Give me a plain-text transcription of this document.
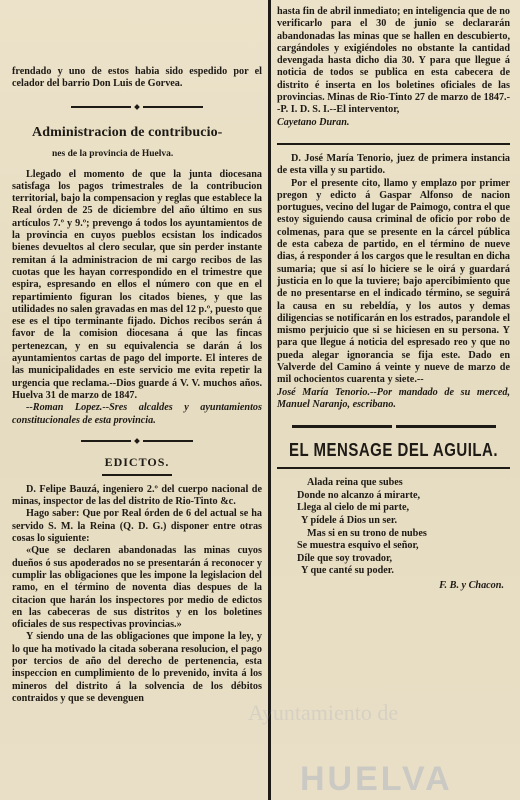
frendado y uno de estos habia sido espedido por el celador del barrio Don Luis de Gorvea.

Administracion de contribucio-
nes de la provincia de Huelva.

Llegado el momento de que la junta diocesana satisfaga los pagos trimestrales de la contribucion territorial, bajo la compensacion y reglas que establece la Real órden de 25 de diciembre del año último en sus artículos 7.º y 9.º; prevengo á todos los ayuntamientos de la provincia en cuyos pueblos ecsistan los indicados bienes devueltos al clero secular, que sin perder instante remitan á la administracion de mi cargo recibos de las cuotas que les hayan correspondido en el trimestre que espira, espresando en ellos el número con que en el repartimiento figuran los citados bienes, y que las utilidades no salen gravadas en mas del 12 p.º, puesto que ese es el tipo terminante fijado. Dichos recibos serán á favor de la comision diocesana á que las fincas pertenezcan, y en su equivalencia se darán á los ayuntamientos cartas de pago del importe. El interes de las municipalidades en este servicio me evita repetir la urgencia que reclama.--Dios guarde á V. V. muchos años. Huelva 31 de marzo de 1847.

--Roman Lopez.--Sres alcaldes y ayuntamientos constitucionales de esta provincia.

EDICTOS.

D. Felipe Bauzá, ingeniero 2.º del cuerpo nacional de minas, inspector de las del distrito de Rio-Tinto &c.

Hago saber: Que por Real órden de 6 del actual se ha servido S. M. la Reina (Q. D. G.) disponer entre otras cosas lo siguiente:

«Que se declaren abandonadas las minas cuyos dueños ó sus apoderados no se presentarán á reconocer y cumplir las obligaciones que les impone la legislacion del ramo, en el término de noventa dias despues de la citacion que harán los inspectores por medio de edictos en las cabeceras de sus distritos y en los boletines oficiales de sus respectivas provincias.»

Y siendo una de las obligaciones que impone la ley, y lo que ha motivado la citada soberana resolucion, el pago por tercios de año del derecho de pertenencia, esta inspeccion en cumplimiento de lo prevenido, invita á los mineros del distrito á la solvencia de los débitos contraidos y que se devenguen

hasta fin de abril inmediato; en inteligencia que de no verificarlo para el 30 de junio se declararán abandonadas las minas que se hallen en descubierto, cargándoles y exigiéndoles no obstante la cantidad devengada hasta dicho dia 30. Y para que llegue á noticia de todos se publica en esta cabecera de distrito é inserta en los boletines oficiales de las provincias. Minas de Rio-Tinto 27 de marzo de 1847.--P. I. D. S. I.--El interventor,

Cayetano Duran.

D. José María Tenorio, juez de primera instancia de esta villa y su partido.

Por el presente cito, llamo y emplazo por primer pregon y edicto á Gaspar Alfonso de nacion portugues, vecino del lugar de Paimogo, contra el que estoy siguiendo causa criminal de oficio por robo de colmenas, para que se presente en la cárcel pública de esta cabeza de partido, en el término de nueve dias, á responder á los cargos que le resultan en dicha sumaria; que si así lo hiciere se le oirá y guardará justicia en lo que la tuviere; bajo apercibimiento que de no presentarse en el indicado término, se seguirá la causa en su rebeldía, y los autos y demas diligencias se notificarán en los estrados, parandole el mismo perjuicio que si se hiciesen en su persona. Y para que llegue á noticia del espresado reo y que no pueda alegar ignorancia se fija este. Dado en Valverde del Camino á veinte y nueve de marzo de mil ochocientos cuarenta y siete.--

José María Tenorio.--Por mandado de su merced, Manuel Naranjo, escribano.

EL MENSAGE DEL AGUILA.
Alada reina que subes
Donde no alcanzo á mirarte,
Llega al cielo de mi parte,
Y pídele á Dios un ser.
Mas si en su trono de nubes
Se muestra esquivo el señor,
Díle que soy trovador,
Y que canté su poder.
F. B. y Chacon.
Ayuntamiento de
HUELVA
